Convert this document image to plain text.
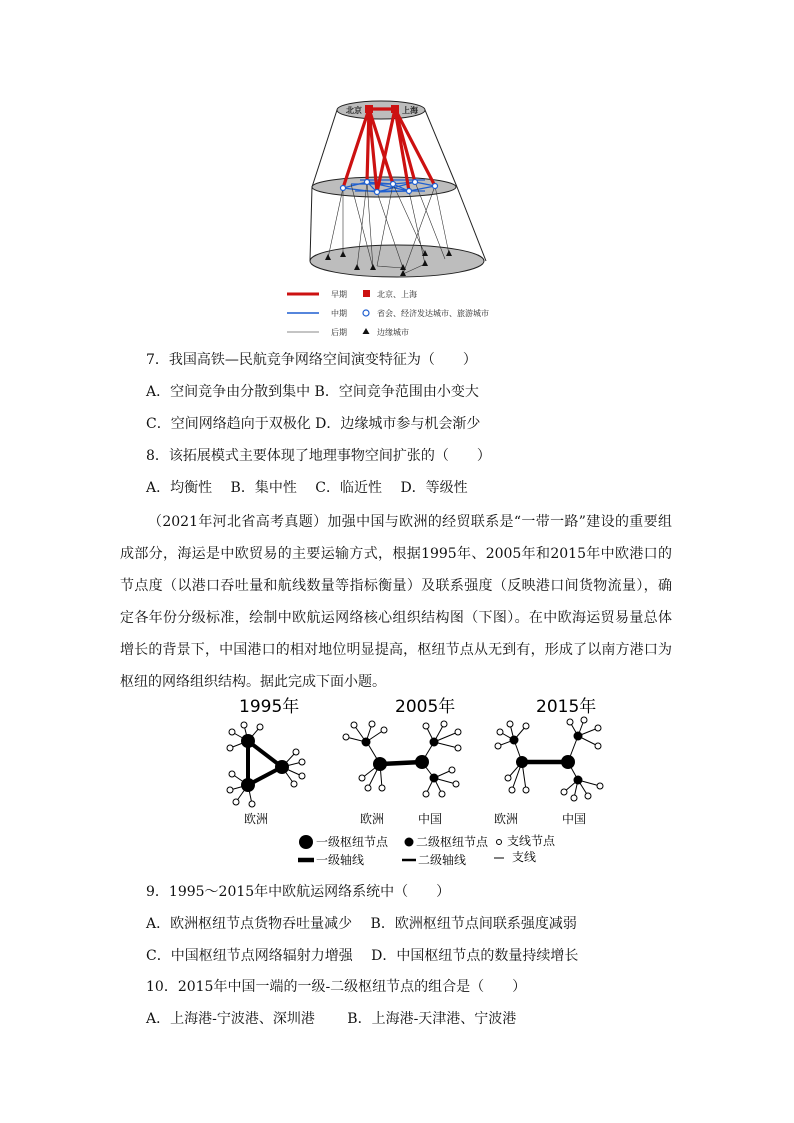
北京	上海
早期	北京、上海
中期	省会、经济发达城市、旅游城市
后期	边缘城市
7．我国高铁—民航竞争网络空间演变特征为（　　）
A．空间竞争由分散到集中 B．空间竞争范围由小变大
C．空间网络趋向于双极化 D．边缘城市参与机会渐少
8．该拓展模式主要体现了地理事物空间扩张的（　　）
A．均衡性　 B．集中性　 C．临近性　 D．等级性
（2021年河北省高考真题）加强中国与欧洲的经贸联系是“一带一路”建设的重要组成部分，海运是中欧贸易的主要运输方式，根据1995年、2005年和2015年中欧港口的节点度（以港口吞吐量和航线数量等指标衡量）及联系强度（反映港口间货物流量），确定各年份分级标准，绘制中欧航运网络核心组织结构图（下图）。在中欧海运贸易量总体增长的背景下，中国港口的相对地位明显提高，枢纽节点从无到有，形成了以南方港口为枢纽的网络组织结构。据此完成下面小题。
1995年	2005年	2015年
欧洲	欧洲	中国	欧洲	中国
一级枢纽节点 二级枢纽节点 支线节点
一级轴线	二级轴线	支线
9．1995～2015年中欧航运网络系统中（　　）
A．欧洲枢纽节点货物吞吐量减少　 B．欧洲枢纽节点间联系强度减弱
C．中国枢纽节点网络辐射力增强　 D．中国枢纽节点的数量持续增长
10．2015年中国一端的一级-二级枢纽节点的组合是（　　）
A．上海港-宁波港、深圳港　　 B．上海港-天津港、宁波港
